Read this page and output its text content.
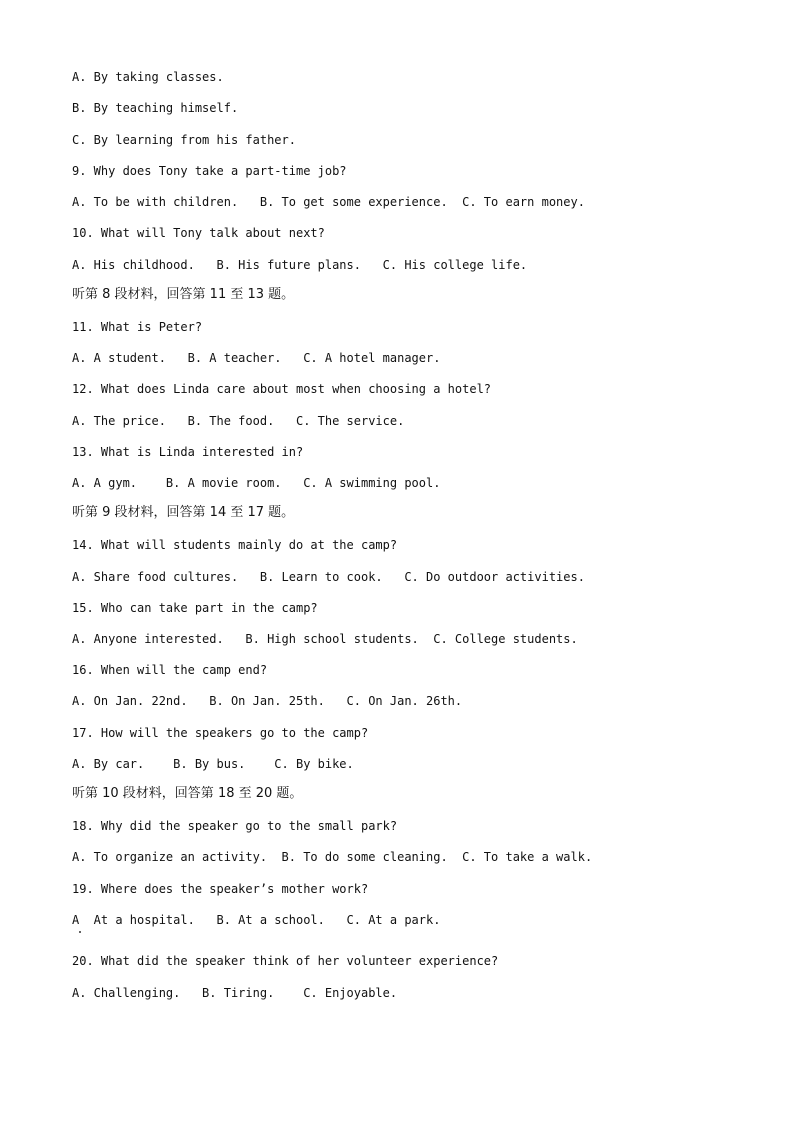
A. By taking classes.
B. By teaching himself.
C. By learning from his father.
9. Why does Tony take a part-time job?
A. To be with children.   B. To get some experience.  C. To earn money.
10. What will Tony talk about next?
A. His childhood.   B. His future plans.   C. His college life.
听第 8 段材料，回答第 11 至 13 题。
11. What is Peter?
A. A student.   B. A teacher.   C. A hotel manager.
12. What does Linda care about most when choosing a hotel?
A. The price.   B. The food.   C. The service.
13. What is Linda interested in?
A. A gym.    B. A movie room.   C. A swimming pool.
听第 9 段材料，回答第 14 至 17 题。
14. What will students mainly do at the camp?
A. Share food cultures.   B. Learn to cook.   C. Do outdoor activities.
15. Who can take part in the camp?
A. Anyone interested.   B. High school students.  C. College students.
16. When will the camp end?
A. On Jan. 22nd.   B. On Jan. 25th.   C. On Jan. 26th.
17. How will the speakers go to the camp?
A. By car.    B. By bus.    C. By bike.
听第 10 段材料，回答第 18 至 20 题。
18. Why did the speaker go to the small park?
A. To organize an activity.  B. To do some cleaning.  C. To take a walk.
19. Where does the speaker’s mother work?
A  At a hospital.   B. At a school.   C. At a park.
20. What did the speaker think of her volunteer experience?
A. Challenging.   B. Tiring.    C. Enjoyable.
